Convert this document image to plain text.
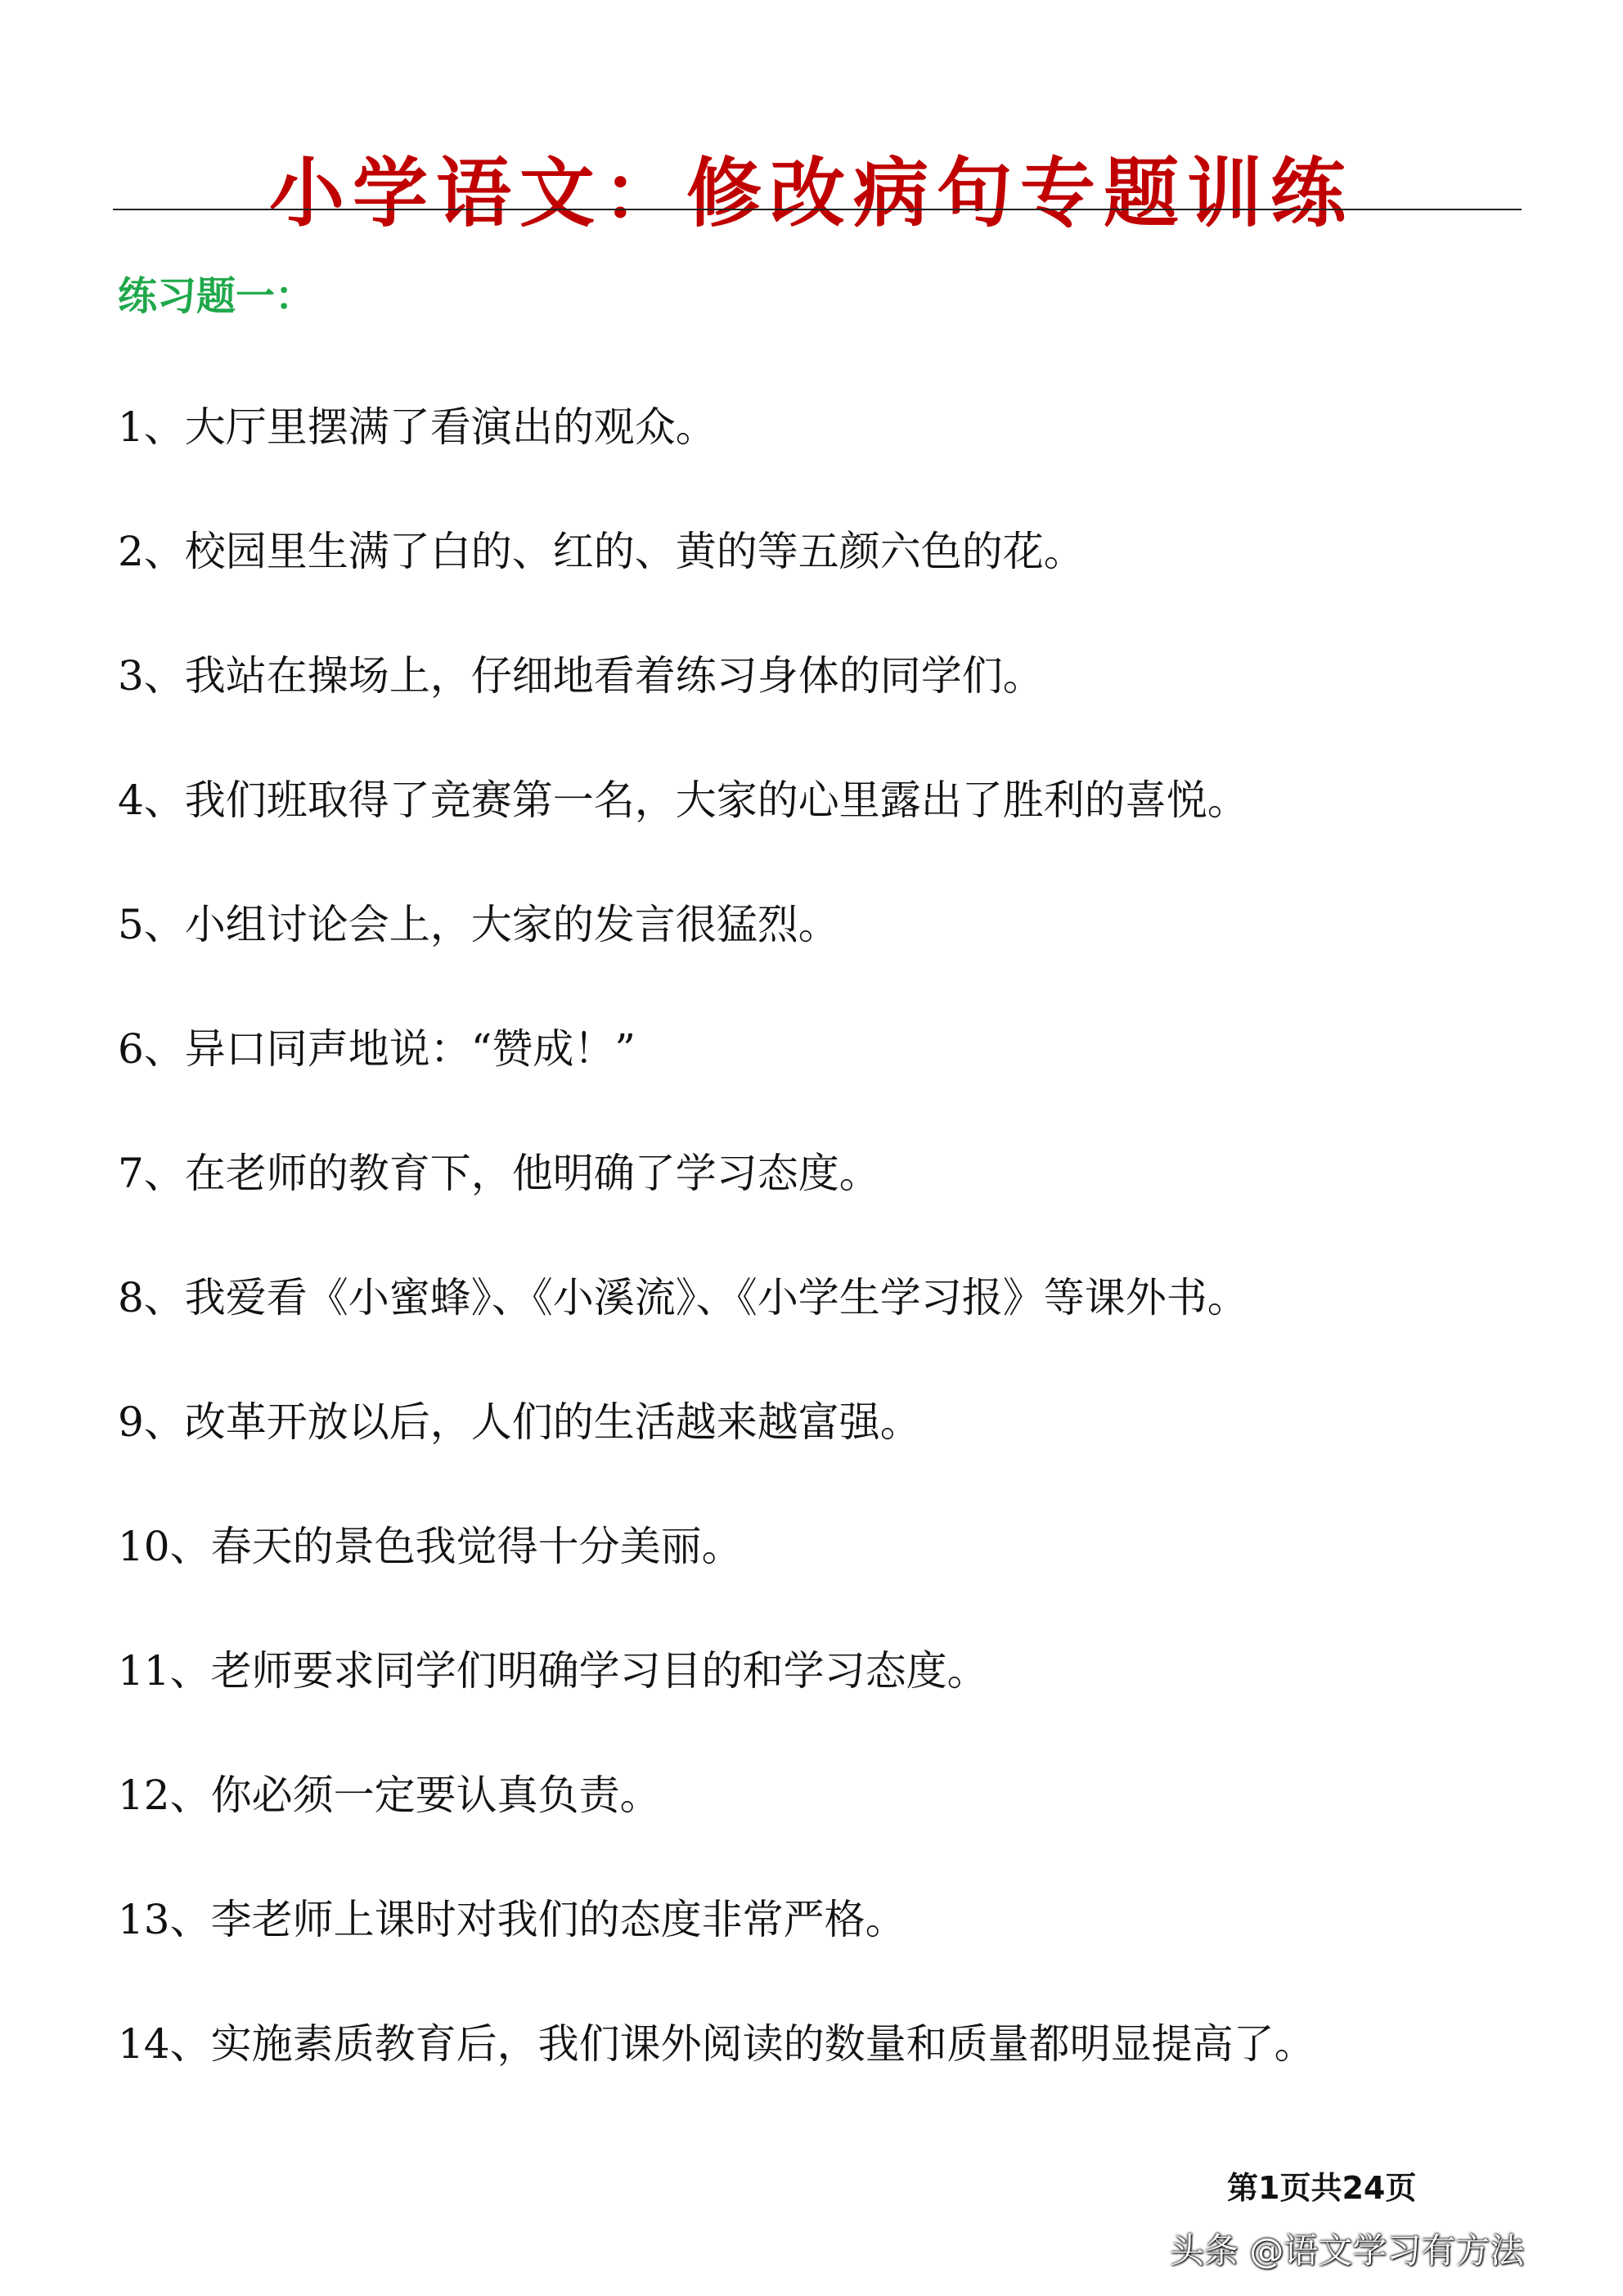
小学语文：修改病句专题训练
练习题一：
1、大厅里摆满了看演出的观众。
2、校园里生满了白的、红的、黄的等五颜六色的花。
3、我站在操场上，仔细地看着练习身体的同学们。
4、我们班取得了竞赛第一名，大家的心里露出了胜利的喜悦。
5、小组讨论会上，大家的发言很猛烈。
6、异口同声地说：“赞成！”
7、在老师的教育下，他明确了学习态度。
8、我爱看《小蜜蜂》、《小溪流》、《小学生学习报》等课外书。
9、改革开放以后，人们的生活越来越富强。
10、春天的景色我觉得十分美丽。
11、老师要求同学们明确学习目的和学习态度。
12、你必须一定要认真负责。
13、李老师上课时对我们的态度非常严格。
14、实施素质教育后，我们课外阅读的数量和质量都明显提高了。
第1页共24页
头条 @语文学习有方法
